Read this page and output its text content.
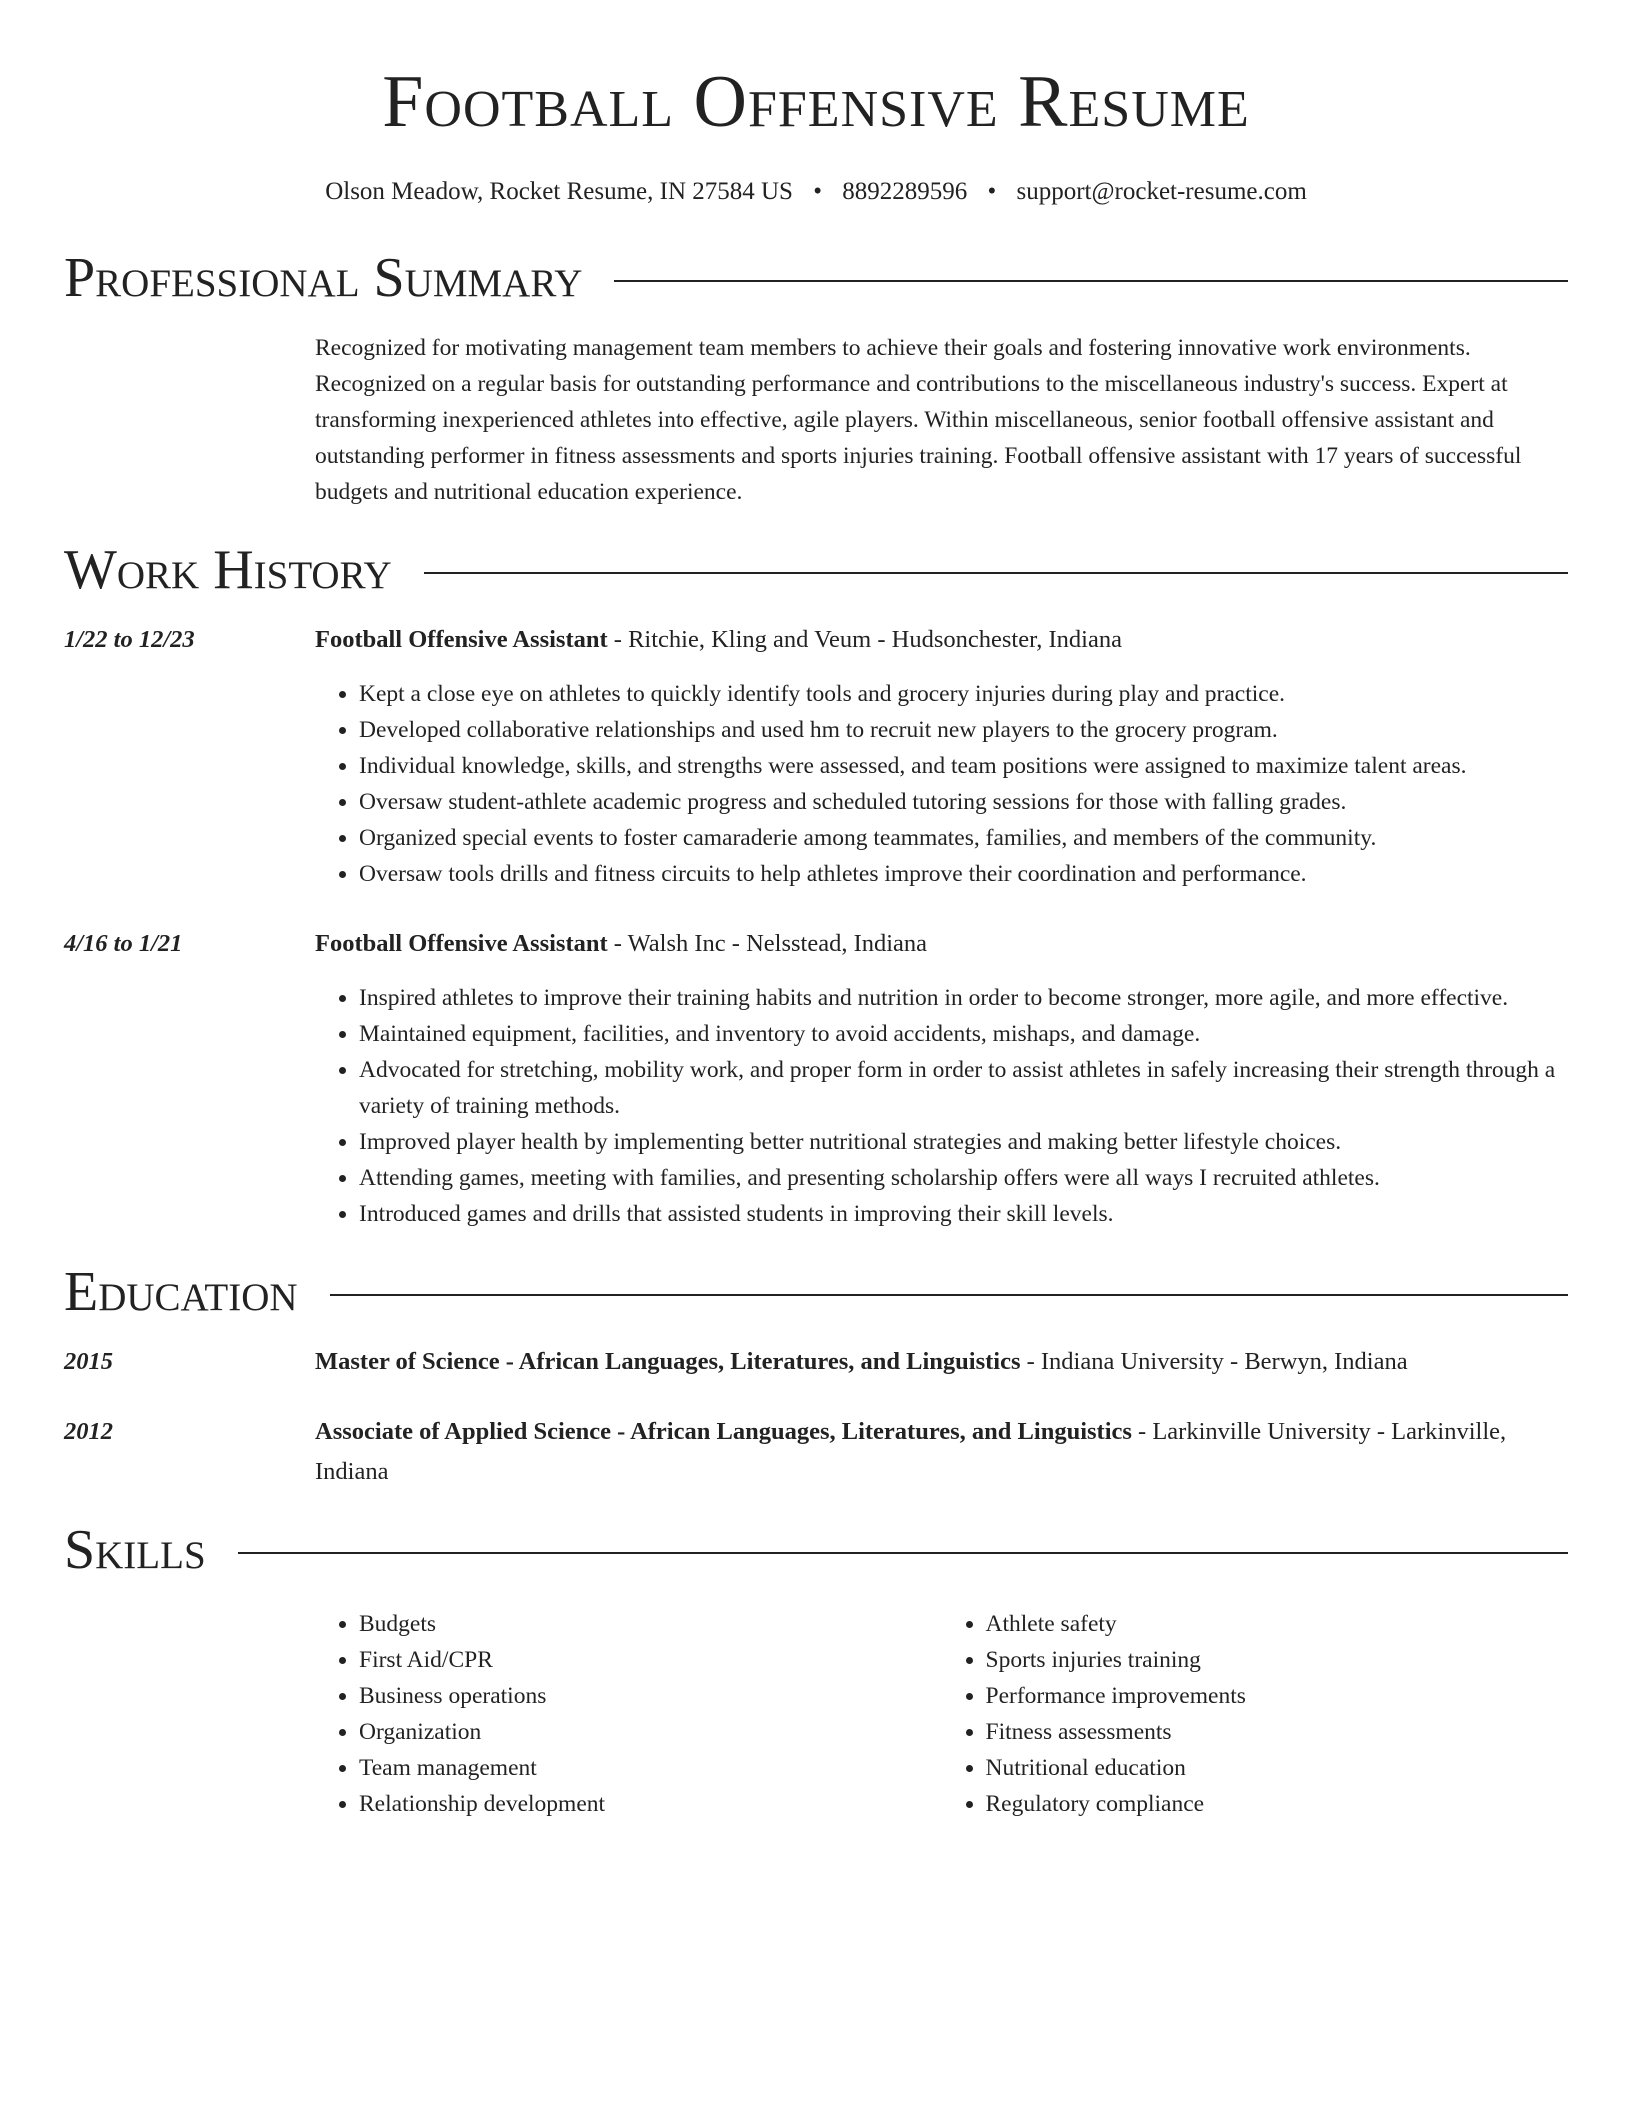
Football Offensive Resume
Olson Meadow, Rocket Resume, IN 27584 US • 8892289596 • support@rocket-resume.com
Professional Summary
Recognized for motivating management team members to achieve their goals and fostering innovative work environments. Recognized on a regular basis for outstanding performance and contributions to the miscellaneous industry's success. Expert at transforming inexperienced athletes into effective, agile players. Within miscellaneous, senior football offensive assistant and outstanding performer in fitness assessments and sports injuries training. Football offensive assistant with 17 years of successful budgets and nutritional education experience.
Work History
1/22 to 12/23	Football Offensive Assistant - Ritchie, Kling and Veum - Hudsonchester, Indiana
• Kept a close eye on athletes to quickly identify tools and grocery injuries during play and practice.
• Developed collaborative relationships and used hm to recruit new players to the grocery program.
• Individual knowledge, skills, and strengths were assessed, and team positions were assigned to maximize talent areas.
• Oversaw student-athlete academic progress and scheduled tutoring sessions for those with falling grades.
• Organized special events to foster camaraderie among teammates, families, and members of the community.
• Oversaw tools drills and fitness circuits to help athletes improve their coordination and performance.
4/16 to 1/21	Football Offensive Assistant - Walsh Inc - Nelsstead, Indiana
• Inspired athletes to improve their training habits and nutrition in order to become stronger, more agile, and more effective.
• Maintained equipment, facilities, and inventory to avoid accidents, mishaps, and damage.
• Advocated for stretching, mobility work, and proper form in order to assist athletes in safely increasing their strength through a variety of training methods.
• Improved player health by implementing better nutritional strategies and making better lifestyle choices.
• Attending games, meeting with families, and presenting scholarship offers were all ways I recruited athletes.
• Introduced games and drills that assisted students in improving their skill levels.
Education
2015	Master of Science - African Languages, Literatures, and Linguistics - Indiana University - Berwyn, Indiana
2012	Associate of Applied Science - African Languages, Literatures, and Linguistics - Larkinville University - Larkinville, Indiana
Skills
• Budgets
• First Aid/CPR
• Business operations
• Organization
• Team management
• Relationship development
• Athlete safety
• Sports injuries training
• Performance improvements
• Fitness assessments
• Nutritional education
• Regulatory compliance
